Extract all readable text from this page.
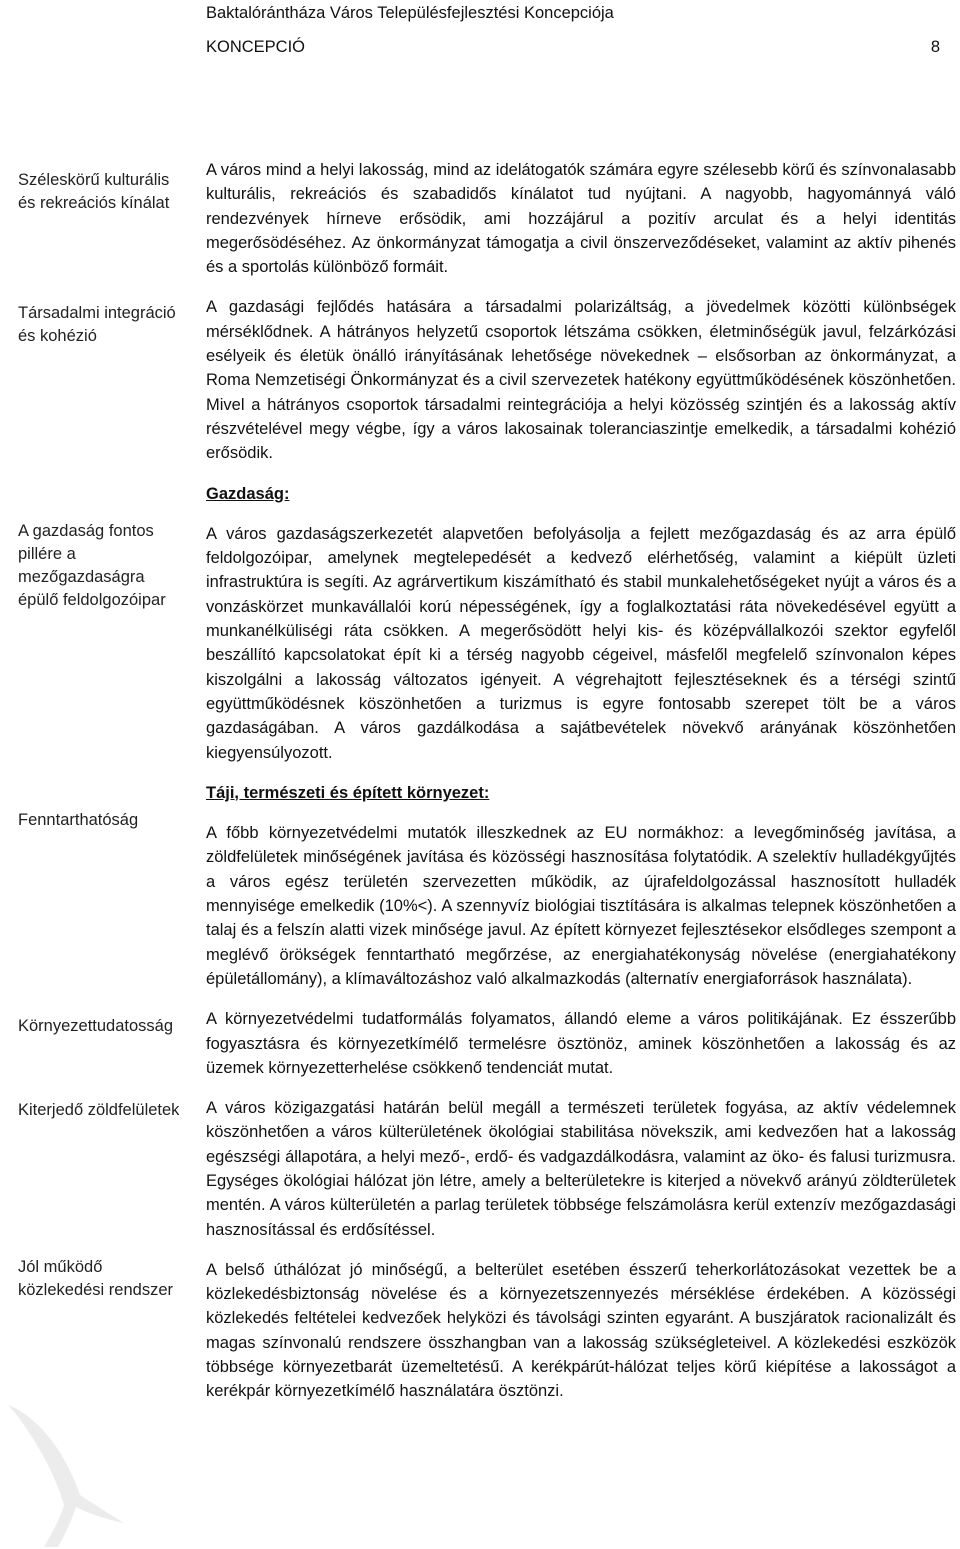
Baktalórántháza Város Településfejlesztési Koncepciója
KONCEPCIÓ	8
Széleskörű kulturális és rekreációs kínálat
Társadalmi integráció és kohézió
A gazdaság fontos pillére a mezőgazdaságra épülő feldolgozóipar
Fenntarthatóság
Környezettudatosság
Kiterjedő zöldfelületek
Jól működő közlekedési rendszer

A város mind a helyi lakosság, mind az idelátogatók számára egyre szélesebb körű és színvonalasabb kulturális, rekreációs és szabadidős kínálatot tud nyújtani. A nagyobb, hagyománnyá váló rendezvények hírneve erősödik, ami hozzájárul a pozitív arculat és a helyi identitás megerősödéséhez. Az önkormányzat támogatja a civil önszerveződéseket, valamint az aktív pihenés és a sportolás különböző formáit.

A gazdasági fejlődés hatására a társadalmi polarizáltság, a jövedelmek közötti különbségek mérséklődnek. A hátrányos helyzetű csoportok létszáma csökken, életminőségük javul, felzárkózási esélyeik és életük önálló irányításának lehetősége növekednek – elsősorban az önkormányzat, a Roma Nemzetiségi Önkormányzat és a civil szervezetek hatékony együttműködésének köszönhetően. Mivel a hátrányos csoportok társadalmi reintegrációja a helyi közösség szintjén és a lakosság aktív részvételével megy végbe, így a város lakosainak toleranciaszintje emelkedik, a társadalmi kohézió erősödik.

Gazdaság:

A város gazdaságszerkezetét alapvetően befolyásolja a fejlett mezőgazdaság és az arra épülő feldolgozóipar, amelynek megtelepedését a kedvező elérhetőség, valamint a kiépült üzleti infrastruktúra is segíti. Az agrárvertikum kiszámítható és stabil munkalehetőségeket nyújt a város és a vonzáskörzet munkavállalói korú népességének, így a foglalkoztatási ráta növekedésével együtt a munkanélküliségi ráta csökken. A megerősödött helyi kis- és középvállalkozói szektor egyfelől beszállító kapcsolatokat épít ki a térség nagyobb cégeivel, másfelől megfelelő színvonalon képes kiszolgálni a lakosság változatos igényeit. A végrehajtott fejlesztéseknek és a térségi szintű együttműködésnek köszönhetően a turizmus is egyre fontosabb szerepet tölt be a város gazdaságában. A város gazdálkodása a sajátbevételek növekvő arányának köszönhetően kiegyensúlyozott.

Táji, természeti és épített környezet:

A főbb környezetvédelmi mutatók illeszkednek az EU normákhoz: a levegőminőség javítása, a zöldfelületek minőségének javítása és közösségi hasznosítása folytatódik. A szelektív hulladékgyűjtés a város egész területén szervezetten működik, az újrafeldolgozással hasznosított hulladék mennyisége emelkedik (10%<). A szennyvíz biológiai tisztítására is alkalmas telepnek köszönhetően a talaj és a felszín alatti vizek minősége javul. Az épített környezet fejlesztésekor elsődleges szempont a meglévő örökségek fenntartható megőrzése, az energiahatékonyság növelése (energiahatékony épületállomány), a klímaváltozáshoz való alkalmazkodás (alternatív energiaforrások használata).

A környezetvédelmi tudatformálás folyamatos, állandó eleme a város politikájának. Ez ésszerűbb fogyasztásra és környezetkímélő termelésre ösztönöz, aminek köszönhetően a lakosság és az üzemek környezetterhelése csökkenő tendenciát mutat.

A város közigazgatási határán belül megáll a természeti területek fogyása, az aktív védelemnek köszönhetően a város külterületének ökológiai stabilitása növekszik, ami kedvezően hat a lakosság egészségi állapotára, a helyi mező-, erdő- és vadgazdálkodásra, valamint az öko- és falusi turizmusra. Egységes ökológiai hálózat jön létre, amely a belterületekre is kiterjed a növekvő arányú zöldterületek mentén. A város külterületén a parlag területek többsége felszámolásra kerül extenzív mezőgazdasági hasznosítással és erdősítéssel.

A belső úthálózat jó minőségű, a belterület esetében ésszerű teherkorlátozásokat vezettek be a közlekedésbiztonság növelése és a környezetszennyezés mérséklése érdekében. A közösségi közlekedés feltételei kedvezőek helyközi és távolsági szinten egyaránt. A buszjáratok racionalizált és magas színvonalú rendszere összhangban van a lakosság szükségleteivel. A közlekedési eszközök többsége környezetbarát üzemeltetésű. A kerékpárút-hálózat teljes körű kiépítése a lakosságot a kerékpár környezetkímélő használatára ösztönzi.
